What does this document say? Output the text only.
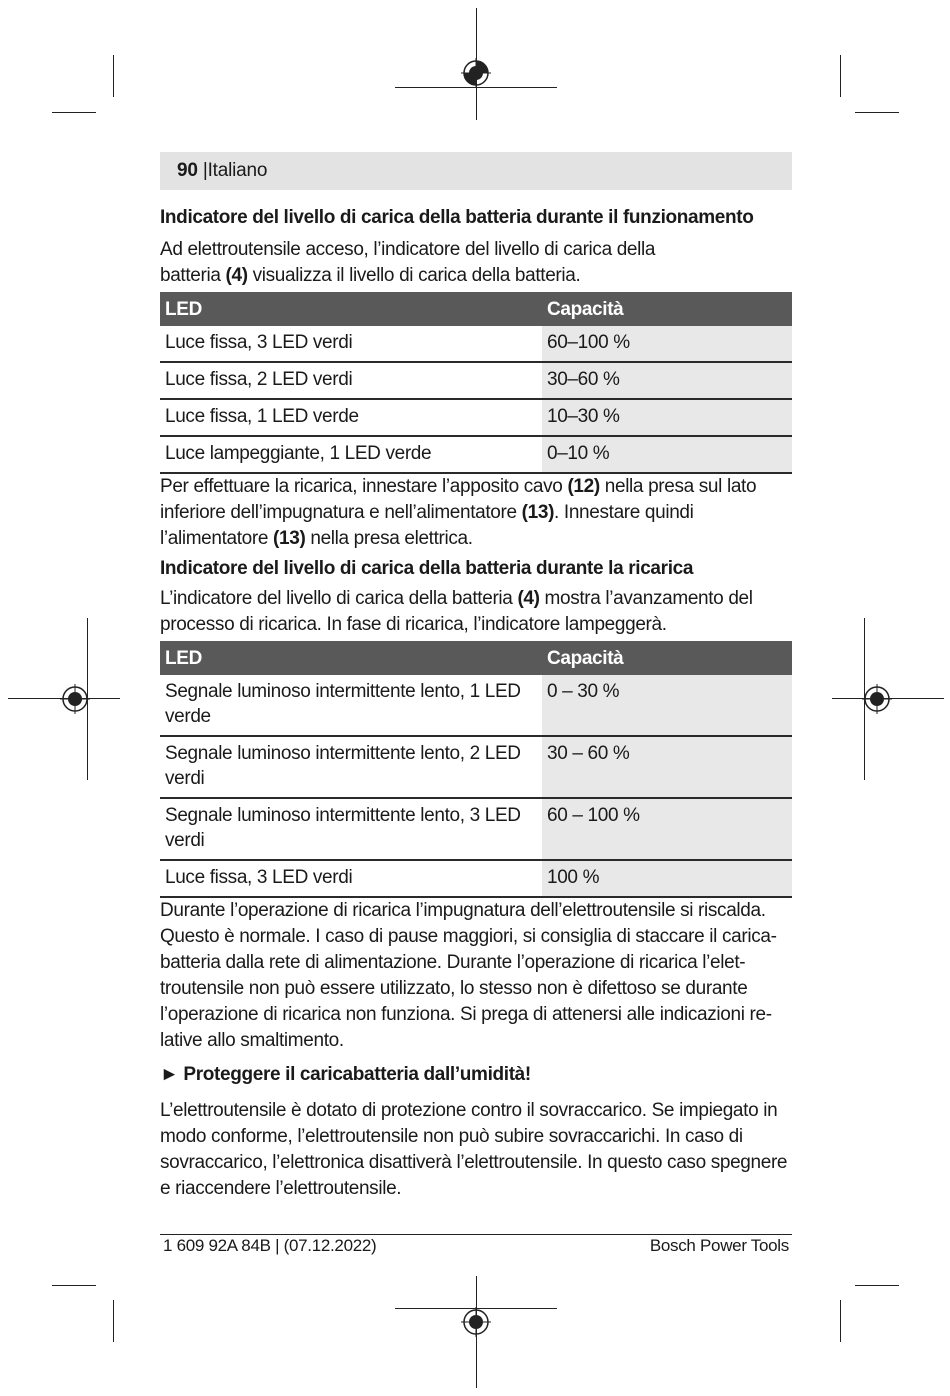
90 |Italiano

Indicatore del livello di carica della batteria durante il funzionamento

Ad elettroutensile acceso, l’indicatore del livello di carica della
batteria (4) visualizza il livello di carica della batteria.

LED	Capacità
Luce fissa, 3 LED verdi	60–100 %
Luce fissa, 2 LED verdi	30–60 %
Luce fissa, 1 LED verde	10–30 %
Luce lampeggiante, 1 LED verde	0–10 %

Per effettuare la ricarica, innestare l’apposito cavo (12) nella presa sul lato inferiore dell’impugnatura e nell’alimentatore (13). Innestare quindi l’alimentatore (13) nella presa elettrica.

Indicatore del livello di carica della batteria durante la ricarica

L’indicatore del livello di carica della batteria (4) mostra l’avanzamento del processo di ricarica. In fase di ricarica, l’indicatore lampeggerà.

LED	Capacità
Segnale luminoso intermittente lento, 1 LED verde	0 – 30 %
Segnale luminoso intermittente lento, 2 LED verdi	30 – 60 %
Segnale luminoso intermittente lento, 3 LED verdi	60 – 100 %
Luce fissa, 3 LED verdi	100 %

Durante l’operazione di ricarica l’impugnatura dell’elettroutensile si riscalda. Questo è normale. I caso di pause maggiori, si consiglia di staccare il caricabatteria dalla rete di alimentazione. Durante l’operazione di ricarica l’elettroutensile non può essere utilizzato, lo stesso non è difettoso se durante l’operazione di ricarica non funziona. Si prega di attenersi alle indicazioni relative allo smaltimento.

► Proteggere il caricabatteria dall’umidità!

L’elettroutensile è dotato di protezione contro il sovraccarico. Se impiegato in modo conforme, l’elettroutensile non può subire sovraccarichi. In caso di sovraccarico, l’elettronica disattiverà l’elettroutensile. In questo caso spegnere e riaccendere l’elettroutensile.

1 609 92A 84B | (07.12.2022)	Bosch Power Tools
